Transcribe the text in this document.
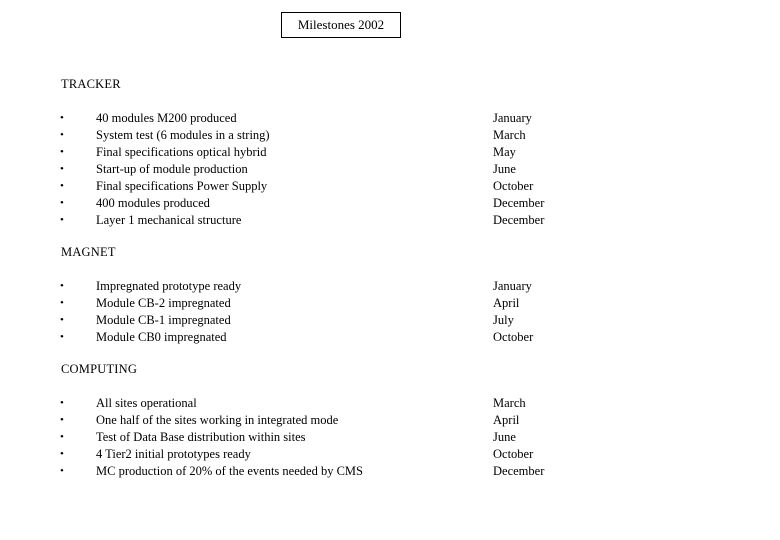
Milestones 2002
TRACKER
•	40 modules M200 produced	January
•	System test (6 modules in a string)	March
•	Final specifications optical hybrid	May
•	Start-up of module production	June
•	Final specifications Power Supply	October
•	400 modules produced	December
•	Layer 1 mechanical structure	December
MAGNET
•	Impregnated prototype ready	January
•	Module CB-2 impregnated	April
•	Module CB-1 impregnated	July
•	Module CB0 impregnated	October
COMPUTING
•	All sites operational	March
•	One half of the sites working in integrated mode	April
•	Test of Data Base distribution within sites	June
•	4 Tier2 initial prototypes ready	October
•	MC production of 20% of the events needed by CMS	December
